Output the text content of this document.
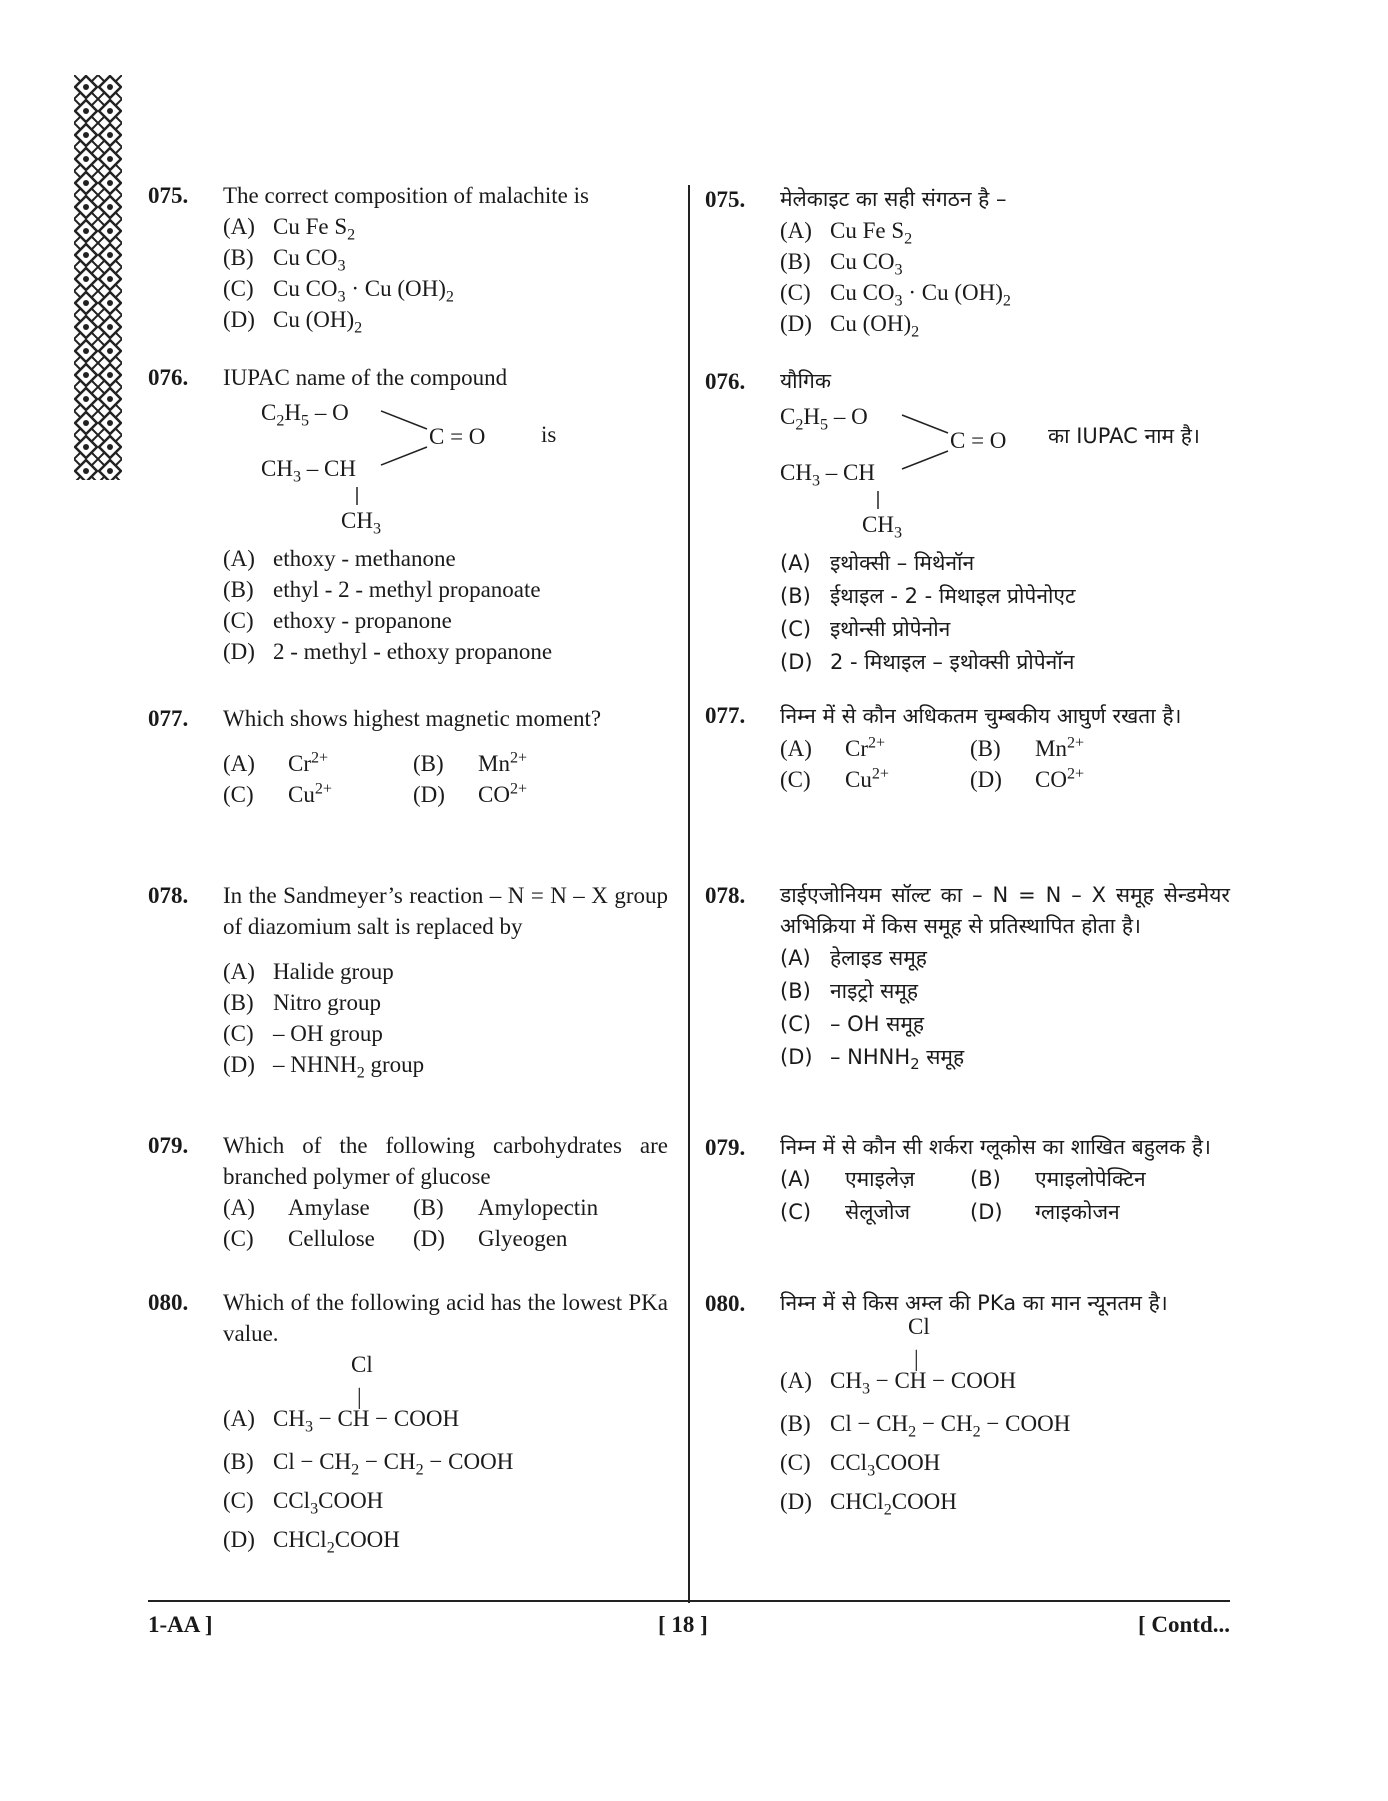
075. The correct composition of malachite is
(A) Cu Fe $S_2$
(B) Cu $CO_3$
(C) Cu $CO_3 \cdot Cu$ $(OH)_2$
(D) Cu $(OH)_2$
076. IUPAC name of the compound
$C_2H_5$ – O
C = O is
$CH_3$ – CH
$CH_3$
(A) ethoxy - methanone
(B) ethyl - 2 - methyl propanoate
(C) ethoxy - propanone
(D) 2 - methyl - ethoxy propanone
077. Which shows highest magnetic moment?
(A) $Cr^{2+}$	(B) $Mn^{2+}$
(C) $Cu^{2+}$	(D) $CO^{2+}$
078. In the Sandmeyer’s reaction – N = N – X group of diazomium salt is replaced by
(A) Halide group
(B) Nitro group
(C) – OH group
$(D) - NHNH_2$ group
079. Which of the following carbohydrates are branched polymer of glucose
(A) Amylase	(B) Amylopectin
(C) Cellulose	(D) Glyeogen
080. Which of the following acid has the lowest PKa value.
Cl
|
(A) $CH_3$ − CH − COOH
(B) $Cl - CH_2 - CH_2$ − COOH
(C) CCl$_3$COOH
(D) CHCl$_2$COOH
075. मेलेकाइट का सही संगठन है –
(A) Cu Fe $S_2$
(B) Cu $CO_3$
(C) Cu $CO_3 \cdot Cu$ $(OH)_2$
(D) Cu $(OH)_2$
076. यौगिक
$C_2H_5$ – O
C = O का IUPAC नाम है।
$CH_3$ – CH
$CH_3$
(A) इथोक्सी – मिथेनॉन
(B) ईथाइल - 2 - मिथाइल प्रोपेनोएट
(C) इथोन्सी प्रोपेनोन
(D) 2 - मिथाइल – इथोक्सी प्रोपेनॉन
077. निम्न में से कौन अधिकतम चुम्बकीय आघुर्ण रखता है।
(A) $Cr^{2+}$	(B) $Mn^{2+}$
(C) $Cu^{2+}$	(D) $CO^{2+}$
078. डाईएजोनियम सॉल्ट का – N = N – X समूह सेन्डमेयर अभिक्रिया में किस समूह से प्रतिस्थापित होता है।
(A) हेलाइड समूह
(B) नाइट्रो समूह
(C) – OH समूह
$(D) - NHNH_2$ समूह
079. निम्न में से कौन सी शर्करा ग्लूकोस का शाखित बहुलक है।
(A) एमाइलेज़	(B) एमाइलोपेक्टिन
(C) सेलूजोज	(D) ग्लाइकोजन
080. निम्न में से किस अम्ल की PKa का मान न्यूनतम है।
Cl
|
(A) $CH_3$ − CH − COOH
(B) $Cl - CH_2 - CH_2$ − COOH
(C) CCl$_3$COOH
(D) CHCl$_2$COOH
1-AA ]	[ 18 ]	[ Contd...
